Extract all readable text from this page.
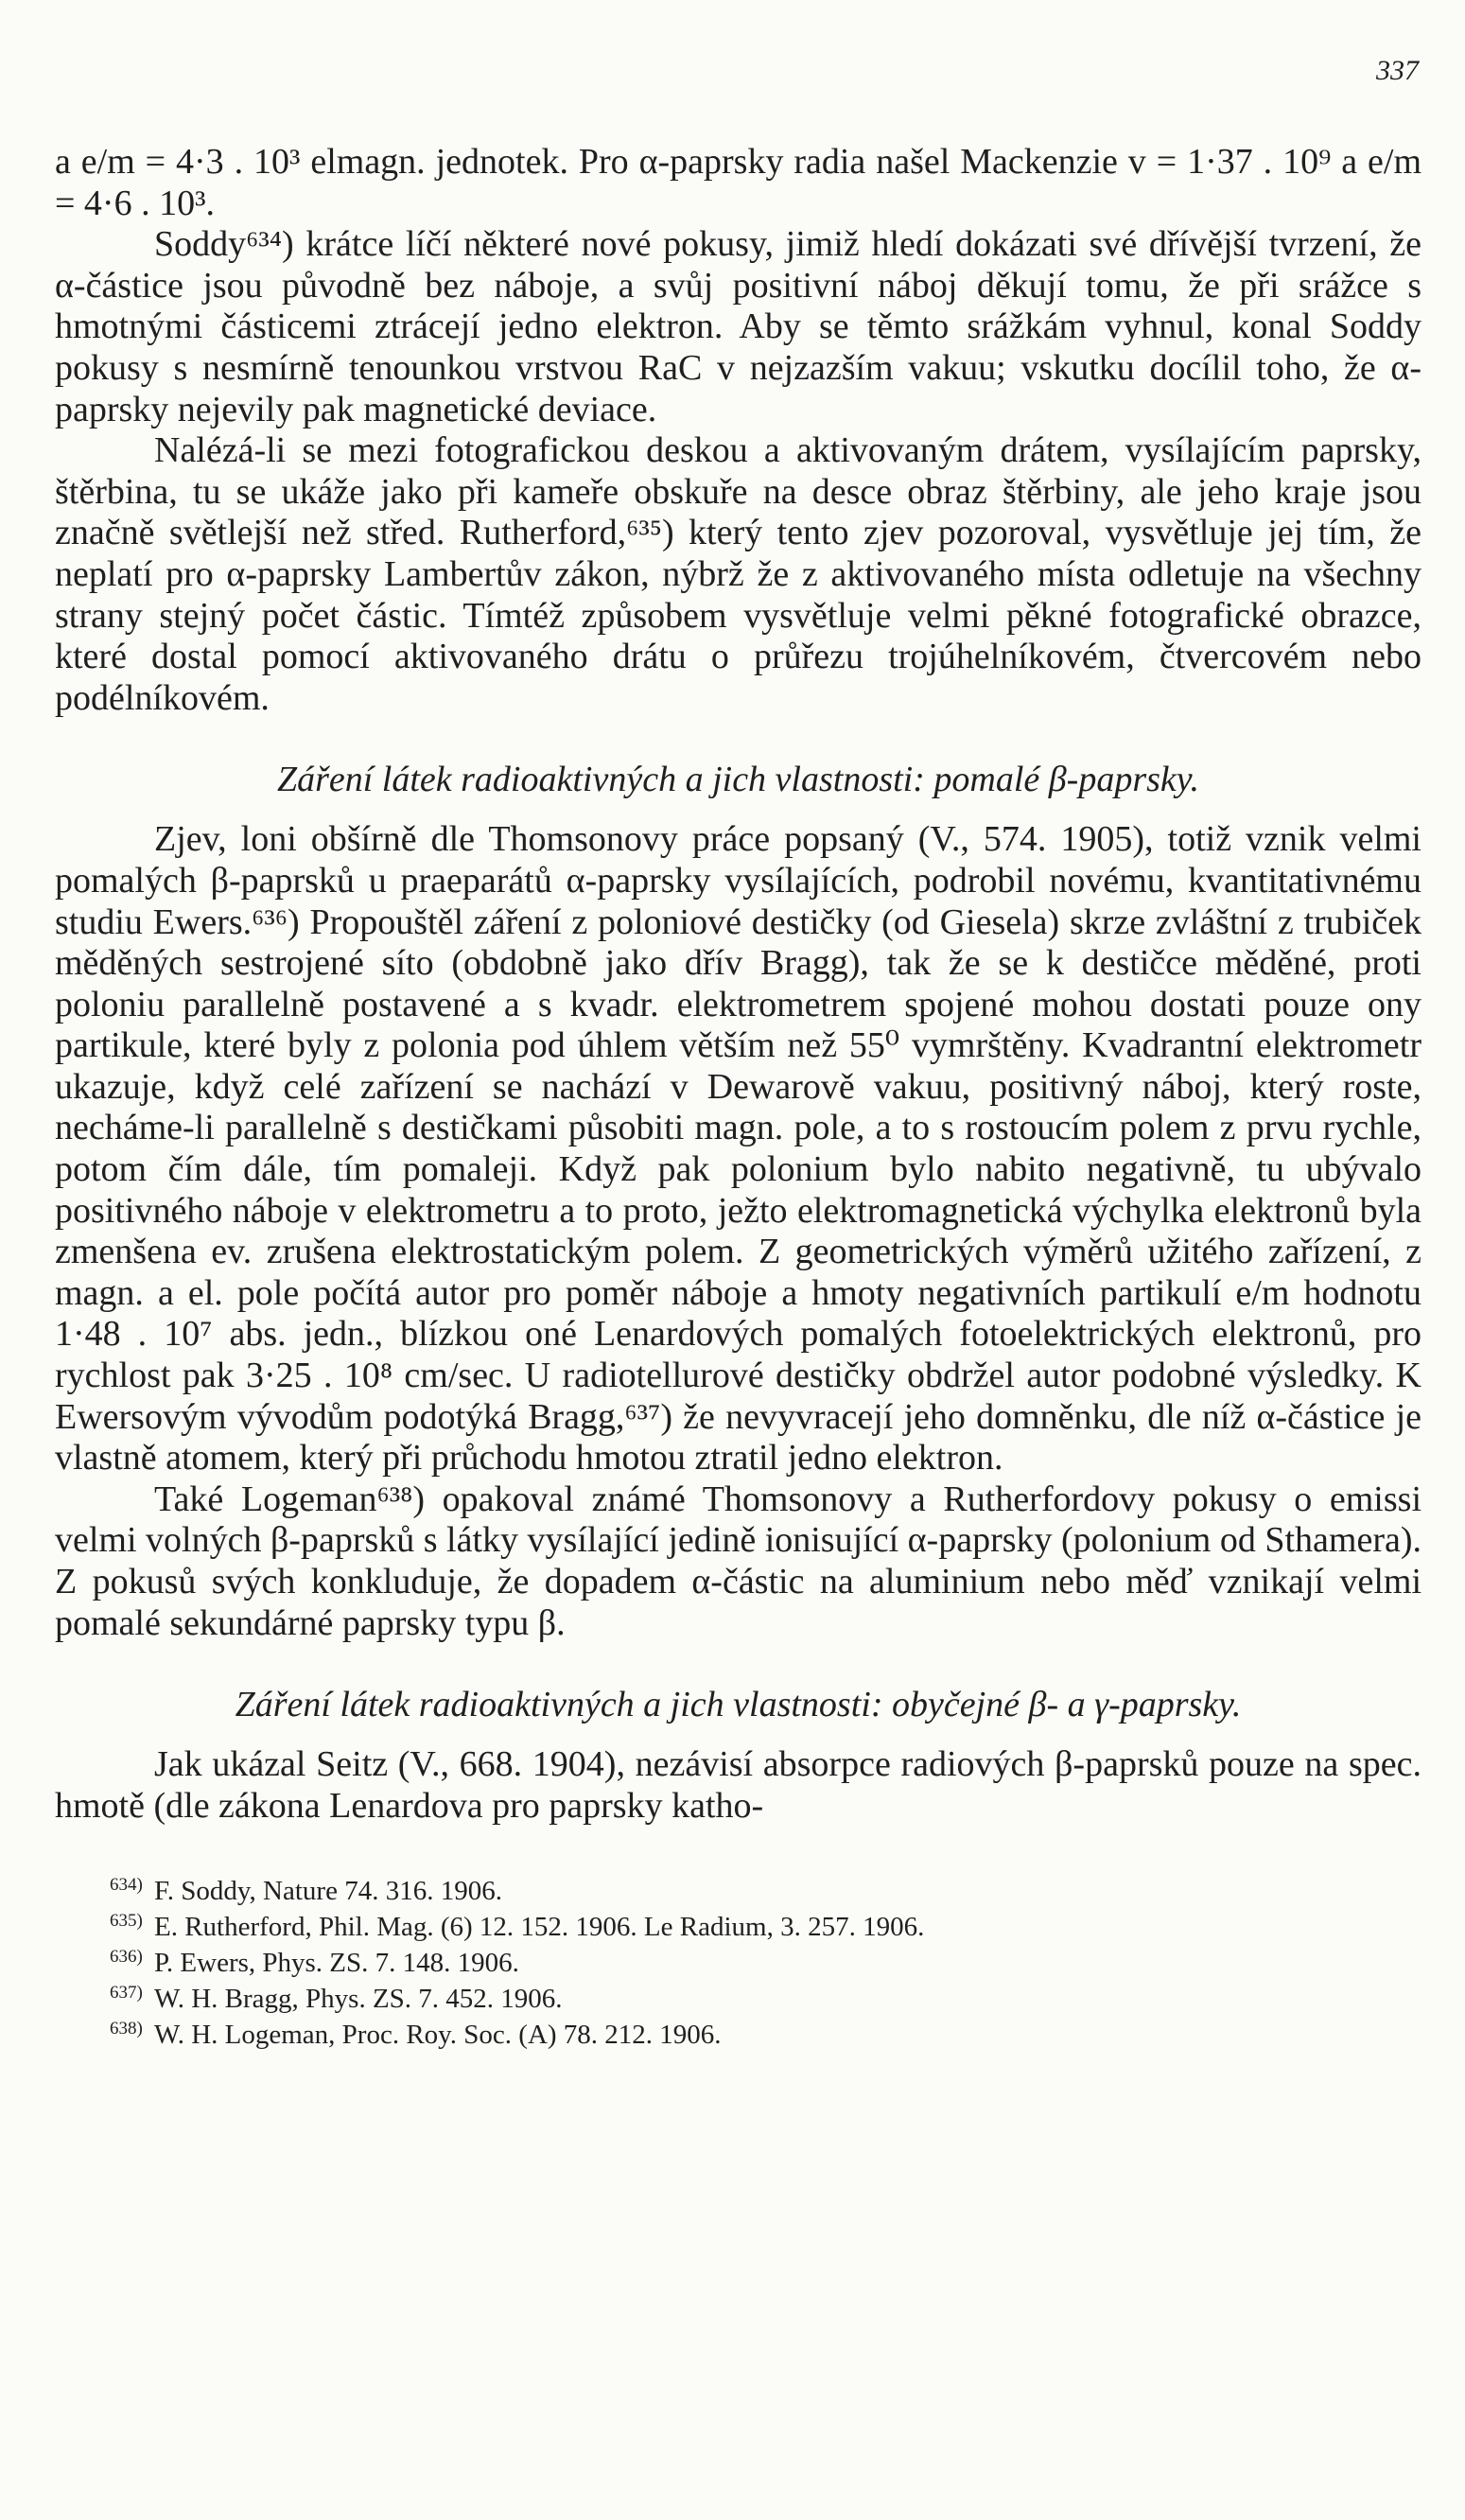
337

a e/m = 4·3 . 10³ elmagn. jednotek. Pro α-paprsky radia našel Mackenzie v = 1·37 . 10⁹ a e/m = 4·6 . 10³.

Soddy⁶³⁴) krátce líčí některé nové pokusy, jimiž hledí dokázati své dřívější tvrzení, že α-částice jsou původně bez náboje, a svůj positivní náboj děkují tomu, že při srážce s hmotnými částicemi ztrácejí jedno elektron. Aby se těmto srážkám vyhnul, konal Soddy pokusy s nesmírně tenounkou vrstvou RaC v nejzazším vakuu; vskutku docílil toho, že α-paprsky nejevily pak magnetické deviace.

Nalézá-li se mezi fotografickou deskou a aktivovaným drátem, vysílajícím paprsky, štěrbina, tu se ukáže jako při kameře obskuře na desce obraz štěrbiny, ale jeho kraje jsou značně světlejší než střed. Rutherford,⁶³⁵) který tento zjev pozoroval, vysvětluje jej tím, že neplatí pro α-paprsky Lambertův zákon, nýbrž že z aktivovaného místa odletuje na všechny strany stejný počet částic. Tímtéž způsobem vysvětluje velmi pěkné fotografické obrazce, které dostal pomocí aktivovaného drátu o průřezu trojúhelníkovém, čtvercovém nebo podélníkovém.

Záření látek radioaktivných a jich vlastnosti: pomalé β-paprsky.

Zjev, loni obšírně dle Thomsonovy práce popsaný (V., 574. 1905), totiž vznik velmi pomalých β-paprsků u praeparátů α-paprsky vysílajících, podrobil novému, kvantitativnému studiu Ewers.⁶³⁶) Propouštěl záření z poloniové destičky (od Giesela) skrze zvláštní z trubiček měděných sestrojené síto (obdobně jako dřív Bragg), tak že se k destičce měděné, proti poloniu parallelně postavené a s kvadr. elektrometrem spojené mohou dostati pouze ony partikule, které byly z polonia pod úhlem větším než 55⁰ vymrštěny. Kvadrantní elektrometr ukazuje, když celé zařízení se nachází v Dewarově vakuu, positivný náboj, který roste, necháme-li parallelně s destičkami působiti magn. pole, a to s rostoucím polem z prvu rychle, potom čím dále, tím pomaleji. Když pak polonium bylo nabito negativně, tu ubývalo positivného náboje v elektrometru a to proto, ježto elektromagnetická výchylka elektronů byla zmenšena ev. zrušena elektrostatickým polem. Z geometrických výměrů užitého zařízení, z magn. a el. pole počítá autor pro poměr náboje a hmoty negativních partikulí e/m hodnotu 1·48 . 10⁷ abs. jedn., blízkou oné Lenardových pomalých fotoelektrických elektronů, pro rychlost pak 3·25 . 10⁸ cm/sec. U radiotellurové destičky obdržel autor podobné výsledky. K Ewersovým vývodům podotýká Bragg,⁶³⁷) že nevyvracejí jeho domněnku, dle níž α-částice je vlastně atomem, který při průchodu hmotou ztratil jedno elektron.

Také Logeman⁶³⁸) opakoval známé Thomsonovy a Rutherfordovy pokusy o emissi velmi volných β-paprsků s látky vysílající jedině ionisující α-paprsky (polonium od Sthamera). Z pokusů svých konkluduje, že dopadem α-částic na aluminium nebo měď vznikají velmi pomalé sekundárné paprsky typu β.

Záření látek radioaktivných a jich vlastnosti: obyčejné β- a γ-paprsky.

Jak ukázal Seitz (V., 668. 1904), nezávisí absorpce radiových β-paprsků pouze na spec. hmotě (dle zákona Lenardova pro paprsky katho-

634) F. Soddy, Nature 74. 316. 1906.
635) E. Rutherford, Phil. Mag. (6) 12. 152. 1906. Le Radium, 3. 257. 1906.
636) P. Ewers, Phys. ZS. 7. 148. 1906.
637) W. H. Bragg, Phys. ZS. 7. 452. 1906.
638) W. H. Logeman, Proc. Roy. Soc. (A) 78. 212. 1906.
